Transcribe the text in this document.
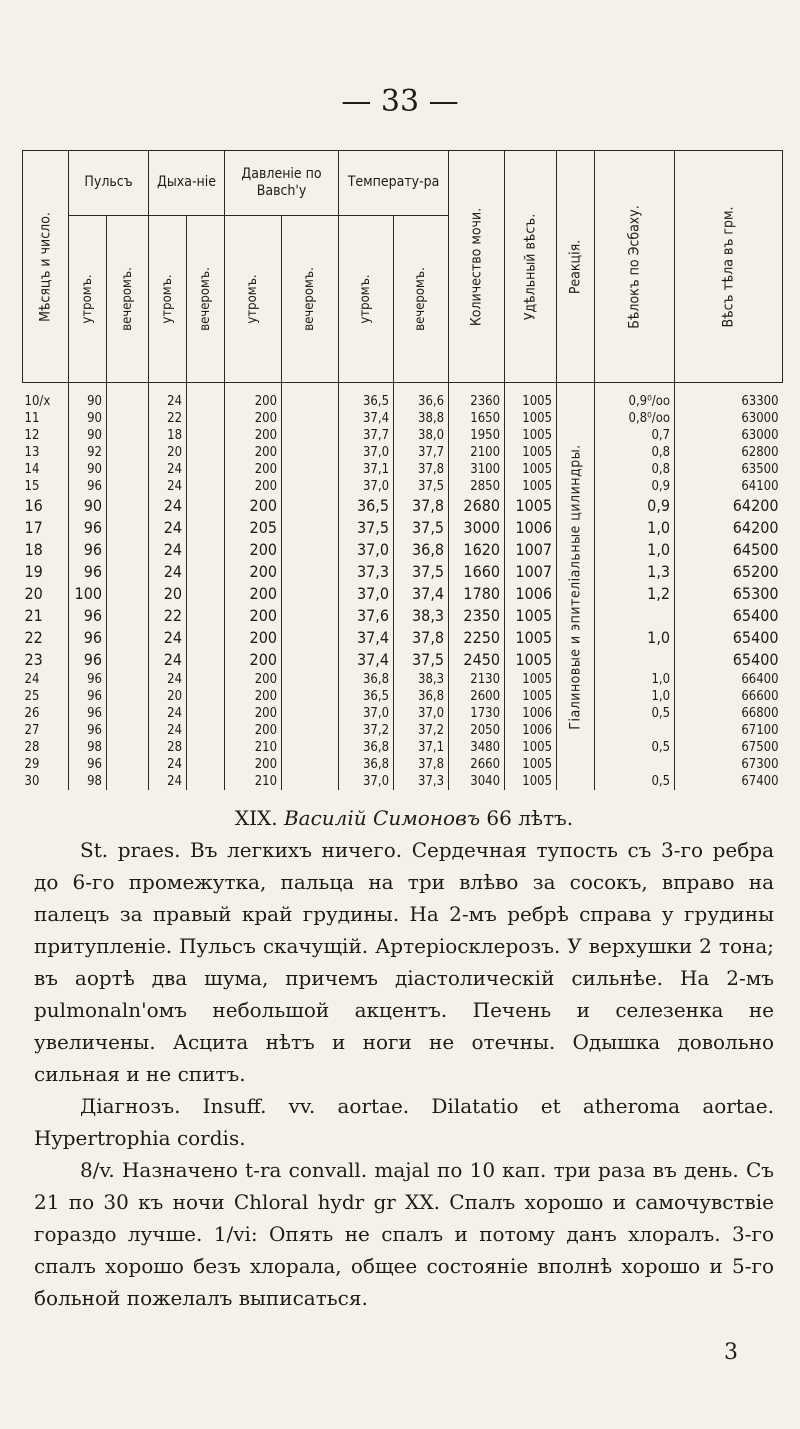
— 33 —
Мѣсяцъ и число.	Пульсъ		Дыха-ніе		Давленіе по Вавсh'у		Температу-ра		Количество мочи.	Удѣльный вѣсъ.	Реакція.	Бѣлокъ по Эсбаху.	Вѣсъ тѣла въ грм.

	утромъ.	вечеромъ.	утромъ.	вечеромъ.	утромъ.	вечеромъ.	утромъ.	вечеромъ.					

10/x	90		24		200		36,5	36,6	2360	1005	Гіалиновые и эпителіальные цилиндры.	0,9⁰/oo	63300
11	90		22		200		37,4	38,8	1650	1005		0,8⁰/oo	63000
12	90		18		200		37,7	38,0	1950	1005		0,7	63000
13	92		20		200		37,0	37,7	2100	1005		0,8	62800
14	90		24		200		37,1	37,8	3100	1005		0,8	63500
15	96		24		200		37,0	37,5	2850	1005		0,9	64100
16	90		24		200		36,5	37,8	2680	1005		0,9	64200
17	96		24		205		37,5	37,5	3000	1006		1,0	64200
18	96		24		200		37,0	36,8	1620	1007		1,0	64500
19	96		24		200		37,3	37,5	1660	1007		1,3	65200
20	100		20		200		37,0	37,4	1780	1006		1,2	65300
21	96		22		200		37,6	38,3	2350	1005			65400
22	96		24		200		37,4	37,8	2250	1005		1,0	65400
23	96		24		200		37,4	37,5	2450	1005			65400
24	96		24		200		36,8	38,3	2130	1005		1,0	66400
25	96		20		200		36,5	36,8	2600	1005		1,0	66600
26	96		24		200		37,0	37,0	1730	1006		0,5	66800
27	96		24		200		37,2	37,2	2050	1006			67100
28	98		28		210		36,8	37,1	3480	1005		0,5	67500
29	96		24		200		36,8	37,8	2660	1005			67300
30	98		24		210		37,0	37,3	3040	1005		0,5	67400

XIX. Василій Симоновъ 66 лѣтъ.

St. praes. Въ легкихъ ничего. Сердечная тупость съ 3-го ребра до 6-го промежутка, пальца на три влѣво за сосокъ, вправо на палецъ за правый край грудины. На 2-мъ ребрѣ справа у грудины притупленіе. Пульсъ скачущій. Артеріосклерозъ. У верхушки 2 тона; въ аортѣ два шума, причемъ діастолическій сильнѣе. На 2-мъ pulmonaln'омъ небольшой акцентъ. Печень и селезенка не увеличены. Асцита нѣтъ и ноги не отечны. Одышка довольно сильная и не спитъ.

Діагнозъ. Insuff. vv. aortae. Dilatatio et atheroma aortae. Hypertrophia cordis.

8/v. Назначено t-ra convall. majal по 10 кап. три раза въ день. Съ 21 по 30 къ ночи Chloral hydr gr XX. Спалъ хорошо и самочувствіе гораздо лучше. 1/vi: Опять не спалъ и потому данъ хлоралъ. 3-го спалъ хорошо безъ хлорала, общее состояніе вполнѣ хорошо и 5-го больной пожелалъ выписаться.

3
